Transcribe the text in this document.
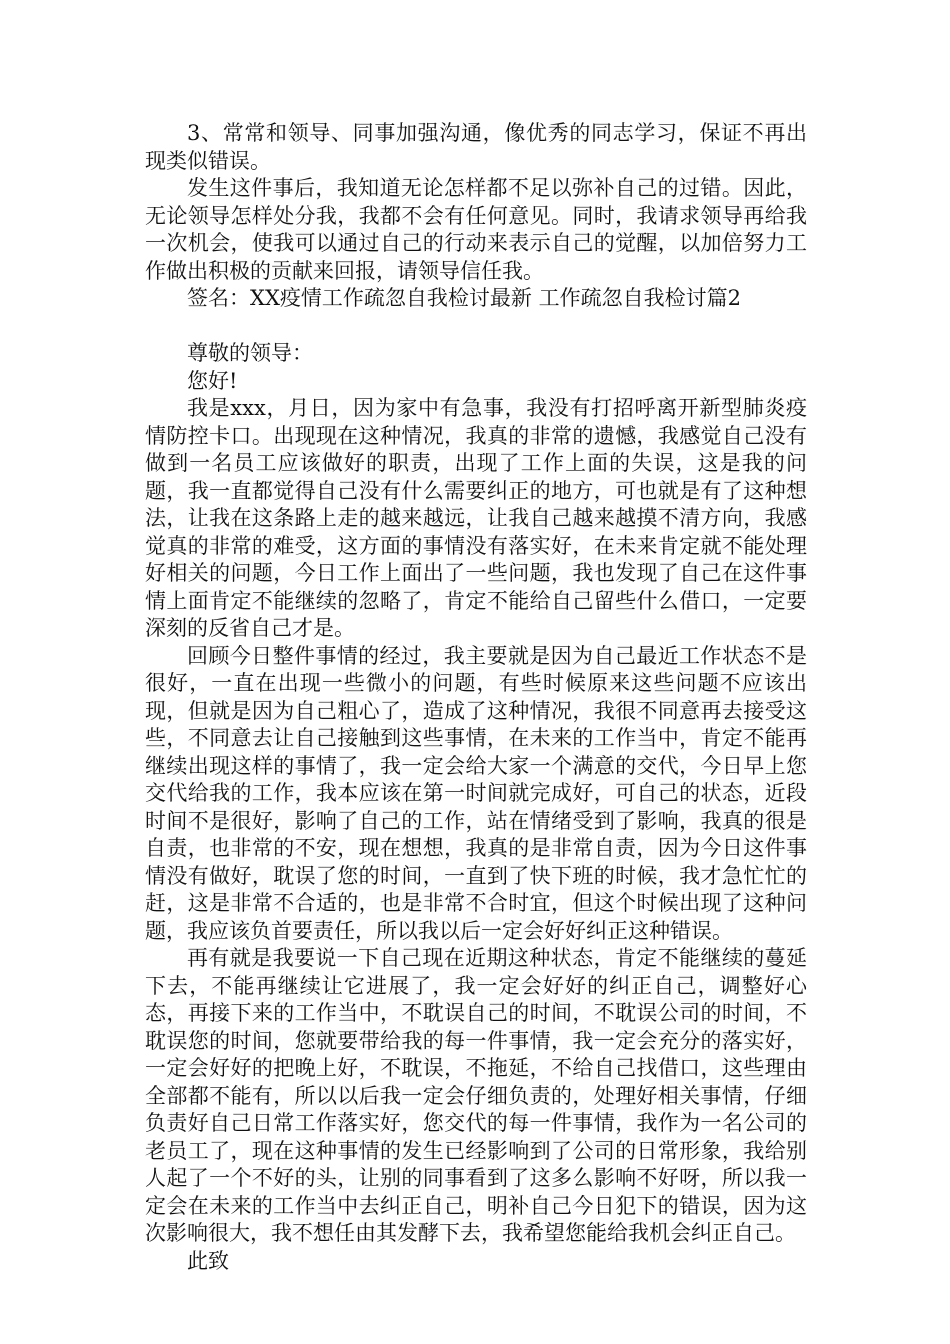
3、常常和领导、同事加强沟通，像优秀的同志学习，保证不再出现类似错误。

发生这件事后，我知道无论怎样都不足以弥补自己的过错。因此，无论领导怎样处分我，我都不会有任何意见。同时，我请求领导再给我一次机会，使我可以通过自己的行动来表示自己的觉醒，以加倍努力工作做出积极的贡献来回报，请领导信任我。

签名：XX疫情工作疏忽自我检讨最新 工作疏忽自我检讨篇2

尊敬的领导：

您好!

我是xxx，月日，因为家中有急事，我没有打招呼离开新型肺炎疫情防控卡口。出现现在这种情况，我真的非常的遗憾，我感觉自己没有做到一名员工应该做好的职责，出现了工作上面的失误，这是我的问题，我一直都觉得自己没有什么需要纠正的地方，可也就是有了这种想法，让我在这条路上走的越来越远，让我自己越来越摸不清方向，我感觉真的非常的难受，这方面的事情没有落实好，在未来肯定就不能处理好相关的问题，今日工作上面出了一些问题，我也发现了自己在这件事情上面肯定不能继续的忽略了，肯定不能给自己留些什么借口，一定要深刻的反省自己才是。

回顾今日整件事情的经过，我主要就是因为自己最近工作状态不是很好，一直在出现一些微小的问题，有些时候原来这些问题不应该出现，但就是因为自己粗心了，造成了这种情况，我很不同意再去接受这些，不同意去让自己接触到这些事情，在未来的工作当中，肯定不能再继续出现这样的事情了，我一定会给大家一个满意的交代，今日早上您交代给我的工作，我本应该在第一时间就完成好，可自己的状态，近段时间不是很好，影响了自己的工作，站在情绪受到了影响，我真的很是自责，也非常的不安，现在想想，我真的是非常自责，因为今日这件事情没有做好，耽误了您的时间，一直到了快下班的时候，我才急忙忙的赶，这是非常不合适的，也是非常不合时宜，但这个时候出现了这种问题，我应该负首要责任，所以我以后一定会好好纠正这种错误。

再有就是我要说一下自己现在近期这种状态，肯定不能继续的蔓延下去，不能再继续让它进展了，我一定会好好的纠正自己，调整好心态，再接下来的工作当中，不耽误自己的时间，不耽误公司的时间，不耽误您的时间，您就要带给我的每一件事情，我一定会充分的落实好，一定会好好的把晚上好，不耽误，不拖延，不给自己找借口，这些理由全部都不能有，所以以后我一定会仔细负责的，处理好相关事情，仔细负责好自己日常工作落实好，您交代的每一件事情，我作为一名公司的老员工了，现在这种事情的发生已经影响到了公司的日常形象，我给别人起了一个不好的头，让别的同事看到了这多么影响不好呀，所以我一定会在未来的工作当中去纠正自己，明补自己今日犯下的错误，因为这次影响很大，我不想任由其发酵下去，我希望您能给我机会纠正自己。

此致
